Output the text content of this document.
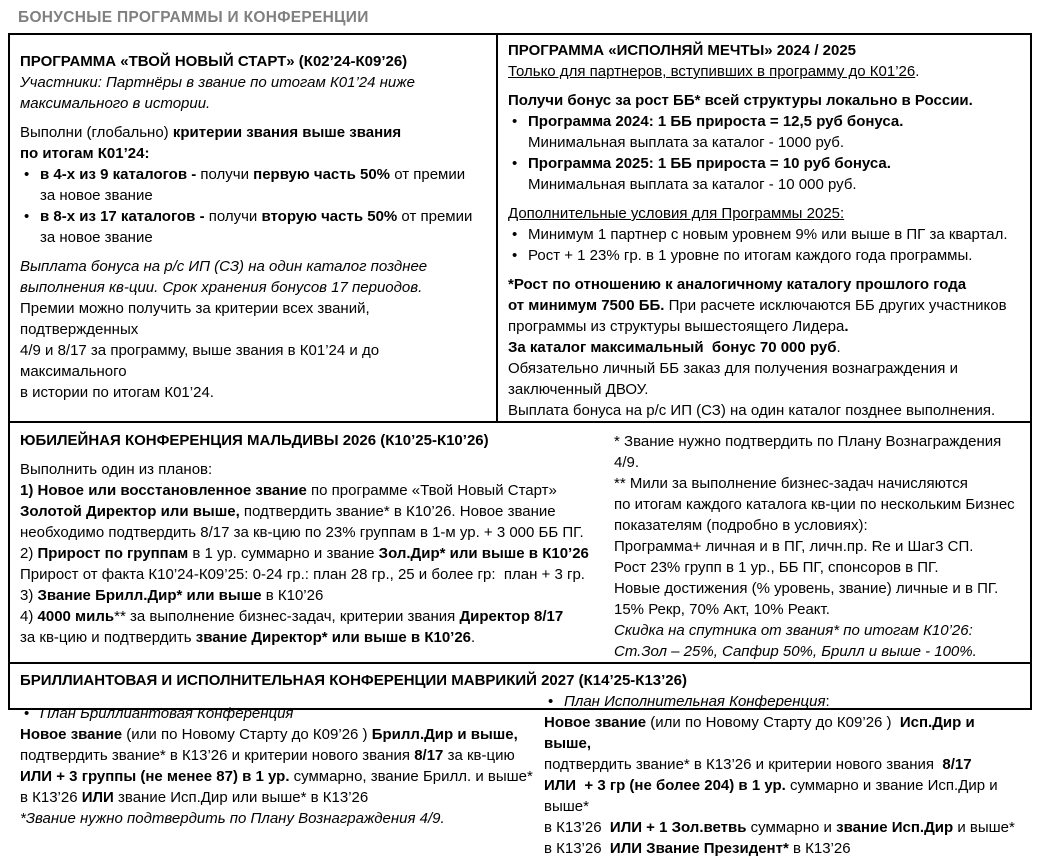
БОНУСНЫЕ ПРОГРАММЫ И КОНФЕРЕНЦИИ
ПРОГРАММА «ТВОЙ НОВЫЙ СТАРТ» (К02’24-К09’26)
Участники: Партнёры в звание по итогам К01’24 ниже
максимального в истории.
Выполни (глобально) критерии звания выше звания
по итогам К01’24:
• в 4-х из 9 каталогов - получи первую часть 50% от премии
за новое звание
• в 8-х из 17 каталогов - получи вторую часть 50% от премии
за новое звание
Выплата бонуса на р/с ИП (СЗ) на один каталог позднее
выполнения кв-ции. Срок хранения бонусов 17 периодов.
Премии можно получить за критерии всех званий, подтвержденных
4/9 и 8/17 за программу, выше звания в К01’24 и до максимального
в истории по итогам К01’24.
ПРОГРАММА «ИСПОЛНЯЙ МЕЧТЫ» 2024 / 2025
Только для партнеров, вступивших в программу до К01’26.
Получи бонус за рост ББ* всей структуры локально в России.
• Программа 2024: 1 ББ прироста = 12,5 руб бонуса.
Минимальная выплата за каталог - 1000 руб.
• Программа 2025: 1 ББ прироста = 10 руб бонуса.
Минимальная выплата за каталог - 10 000 руб.
Дополнительные условия для Программы 2025:
• Минимум 1 партнер с новым уровнем 9% или выше в ПГ за квартал.
• Рост + 1 23% гр. в 1 уровне по итогам каждого года программы.
*Рост по отношению к аналогичному каталогу прошлого года
от минимум 7500 ББ. При расчете исключаются ББ других участников
программы из структуры вышестоящего Лидера.
За каталог максимальный  бонус 70 000 руб.
Обязательно личный ББ заказ для получения вознаграждения и
заключенный ДВОУ.
Выплата бонуса на р/с ИП (СЗ) на один каталог позднее выполнения.
ЮБИЛЕЙНАЯ КОНФЕРЕНЦИЯ МАЛЬДИВЫ 2026 (К10’25-К10’26)
Выполнить один из планов:
1) Новое или восстановленное звание по программе «Твой Новый Старт»
Золотой Директор или выше, подтвердить звание* в К10’26. Новое звание
необходимо подтвердить 8/17 за кв-цию по 23% группам в 1-м ур. + 3 000 ББ ПГ.
2) Прирост по группам в 1 ур. суммарно и звание Зол.Дир* или выше в К10’26
Прирост от факта К10’24-К09’25: 0-24 гр.: план 28 гр., 25 и более гр:  план + 3 гр.
3) Звание Брилл.Дир* или выше в К10’26
4) 4000 миль** за выполнение бизнес-задач, критерии звания Директор 8/17
за кв-цию и подтвердить звание Директор* или выше в К10’26.
* Звание нужно подтвердить по Плану Вознаграждения 4/9.
** Мили за выполнение бизнес-задач начисляются
по итогам каждого каталога кв-ции по нескольким Бизнес
показателям (подробно в условиях):
Программа+ личная и в ПГ, личн.пр. Re и Шаг3 СП.
Рост 23% групп в 1 ур., ББ ПГ, спонсоров в ПГ.
Новые достижения (% уровень, звание) личные и в ПГ.
15% Рекр, 70% Акт, 10% Реакт.
Скидка на спутника от звания* по итогам К10’26:
Ст.Зол – 25%, Сапфир 50%, Брилл и выше - 100%.
БРИЛЛИАНТОВАЯ И ИСПОЛНИТЕЛЬНАЯ КОНФЕРЕНЦИИ МАВРИКИЙ 2027 (К14’25-К13’26)
• План Бриллиантовая Конференция
Новое звание (или по Новому Старту до К09’26 ) Брилл.Дир и выше,
подтвердить звание* в К13’26 и критерии нового звания 8/17 за кв-цию
ИЛИ + 3 группы (не менее 87) в 1 ур. суммарно, звание Брилл. и выше*
в К13’26 ИЛИ звание Исп.Дир или выше* в К13’26
*Звание нужно подтвердить по Плану Вознаграждения 4/9.
• План Исполнительная Конференция:
Новое звание (или по Новому Старту до К09’26 )  Исп.Дир и выше,
подтвердить звание* в К13’26 и критерии нового звания  8/17
ИЛИ  + 3 гр (не более 204) в 1 ур. суммарно и звание Исп.Дир и
выше*
в К13’26  ИЛИ + 1 Зол.ветвь суммарно и звание Исп.Дир и выше*
в К13’26  ИЛИ Звание Президент* в К13’26
